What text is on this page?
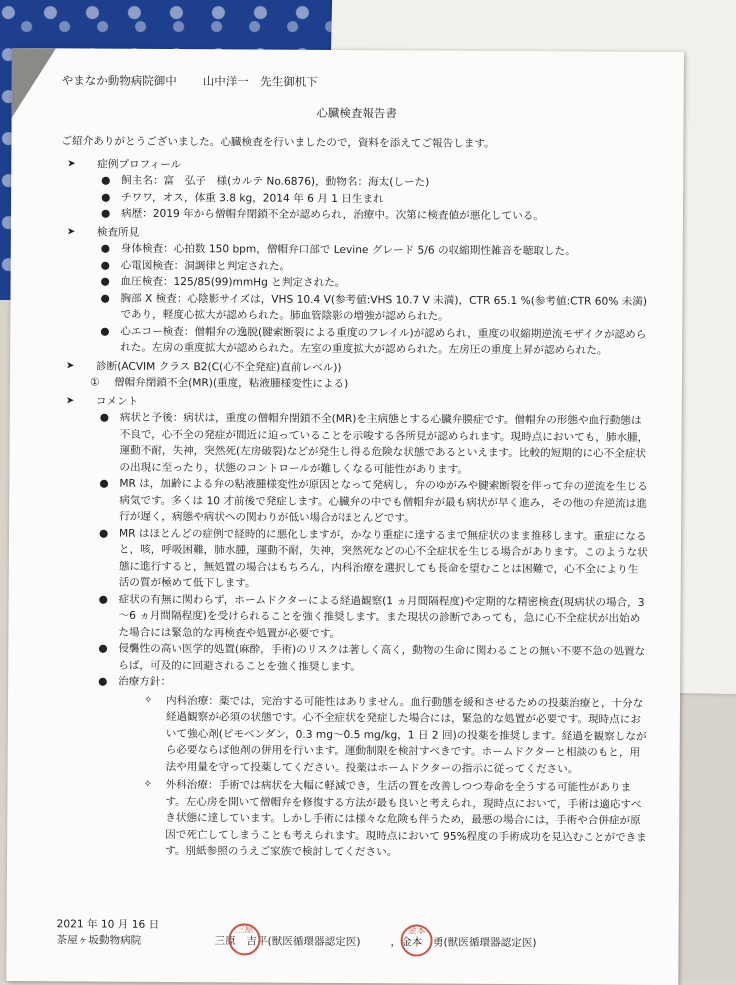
やまなか動物病院御中 山中洋一　先生御机下
心臓検査報告書
ご紹介ありがとうございました。心臓検査を行いましたので，資料を添えてご報告します。
➤	症例プロフィール
● 飼主名：富　弘子　様(カルテ No.6876)，動物名：海太(しーた)
● チワワ，オス，体重 3.8 kg，2014 年 6 月 1 日生まれ
● 病歴：2019 年から僧帽弁閉鎖不全が認められ，治療中。次第に検査値が悪化している。
➤	検査所見
● 身体検査：心拍数 150 bpm，僧帽弁口部で Levine グレード 5/6 の収縮期性雑音を聴取した。
● 心電図検査：洞調律と判定された。
● 血圧検査：125/85(99)mmHg と判定された。
● 胸部 X 検査：心陰影サイズは，VHS 10.4 V(参考値:VHS 10.7 V 未満)，CTR 65.1 %(参考値:CTR 60% 未満)であり，軽度心拡大が認められた。肺血管陰影の増強が認められた。
● 心エコー検査：僧帽弁の逸脱(腱索断裂による重度のフレイル)が認められ，重度の収縮期逆流モザイクが認められた。左房の重度拡大が認められた。左室の重度拡大が認められた。左房圧の重度上昇が認められた。
➤	診断(ACVIM クラス B2(C(心不全発症)直前レベル))
① 僧帽弁閉鎖不全(MR)(重度，粘液腫様変性による)
➤	コメント
● 病状と予後：病状は，重度の僧帽弁閉鎖不全(MR)を主病態とする心臓弁膜症です。僧帽弁の形態や血行動態は不良で，心不全の発症が間近に迫っていることを示唆する各所見が認められます。現時点においても，肺水腫，運動不耐，失神，突然死(左房破裂)などが発生し得る危険な状態であるといえます。比較的短期的に心不全症状の出現に至ったり，状態のコントロールが難しくなる可能性があります。
● MR は，加齢による弁の粘液腫様変性が原因となって発病し，弁のゆがみや腱索断裂を伴って弁の逆流を生じる病気です。多くは 10 才前後で発症します。心臓弁の中でも僧帽弁が最も病状が早く進み，その他の弁逆流は進行が遅く，病態や病状への関わりが低い場合がほとんどです。
● MR はほとんどの症例で経時的に悪化しますが，かなり重症に達するまで無症状のまま推移します。重症になると，咳，呼吸困難，肺水腫，運動不耐，失神，突然死などの心不全症状を生じる場合があります。このような状態に進行すると，無処置の場合はもちろん，内科治療を選択しても長命を望むことは困難で，心不全により生活の質が極めて低下します。
● 症状の有無に関わらず，ホームドクターによる経過観察(1 ヵ月間隔程度)や定期的な精密検査(現病状の場合，3～6 ヵ月間隔程度)を受けられることを強く推奨します。また現状の診断であっても，急に心不全症状が出始めた場合には緊急的な再検査や処置が必要です。
● 侵襲性の高い医学的処置(麻酔，手術)のリスクは著しく高く，動物の生命に関わることの無い不要不急の処置ならば，可及的に回避されることを強く推奨します。
● 治療方針：
✧ 内科治療：薬では，完治する可能性はありません。血行動態を緩和させるための投薬治療と，十分な経過観察が必須の状態です。心不全症状を発症した場合には，緊急的な処置が必要です。現時点において強心剤(ピモベンダン，0.3 mg～0.5 mg/kg，1 日 2 回)の投薬を推奨します。経過を観察しながら必要ならば他剤の併用を行います。運動制限を検討すべきです。ホームドクターと相談のもと，用法や用量を守って投薬してください。投薬はホームドクターの指示に従ってください。
✧ 外科治療：手術では病状を大幅に軽減でき，生活の質を改善しつつ寿命を全うする可能性がありま す。左心房を開いて僧帽弁を修復する方法が最も良いと考えられ，現時点において，手術は適応すべき状態に達しています。しかし手術には様々な危険も伴うため，最悪の場合には，手術や合併症が原因で死亡してしまうことも考えられます。現時点において 95%程度の手術成功を見込むことができます。別紙参照のうえご家族で検討してください。
2021 年 10 月 16 日
茶屋ヶ坂動物病院	三原　吉平(獣医循環器認定医)	，金本　勇(獣医循環器認定医)
三原	金本
